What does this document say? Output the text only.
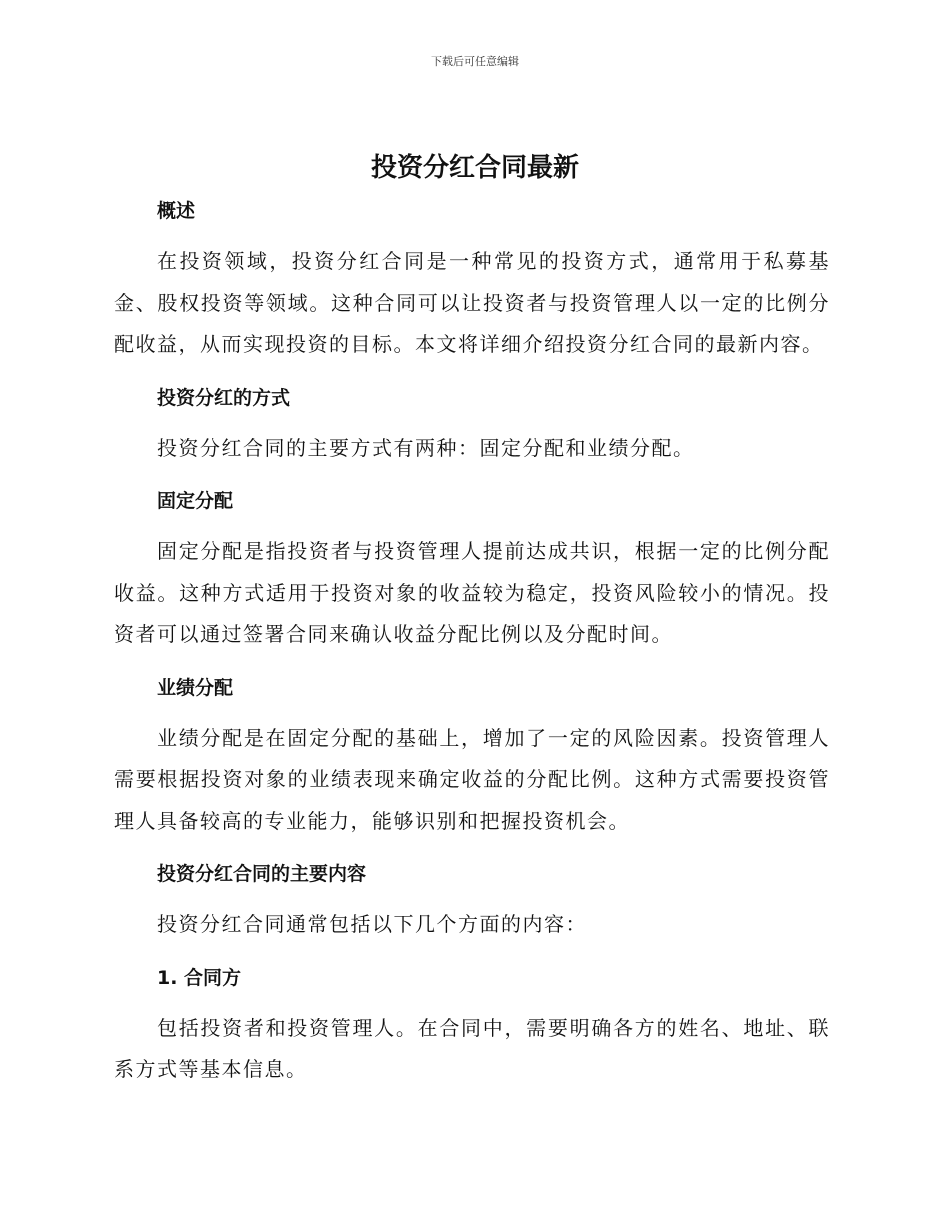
下载后可任意编辑
投资分红合同最新

概述

在投资领域，投资分红合同是一种常见的投资方式，通常用于私募基金、股权投资等领域。这种合同可以让投资者与投资管理人以一定的比例分配收益，从而实现投资的目标。本文将详细介绍投资分红合同的最新内容。

投资分红的方式

投资分红合同的主要方式有两种：固定分配和业绩分配。

固定分配

固定分配是指投资者与投资管理人提前达成共识，根据一定的比例分配收益。这种方式适用于投资对象的收益较为稳定，投资风险较小的情况。投资者可以通过签署合同来确认收益分配比例以及分配时间。

业绩分配

业绩分配是在固定分配的基础上，增加了一定的风险因素。投资管理人需要根据投资对象的业绩表现来确定收益的分配比例。这种方式需要投资管理人具备较高的专业能力，能够识别和把握投资机会。

投资分红合同的主要内容

投资分红合同通常包括以下几个方面的内容：

1. 合同方

包括投资者和投资管理人。在合同中，需要明确各方的姓名、地址、联系方式等基本信息。
